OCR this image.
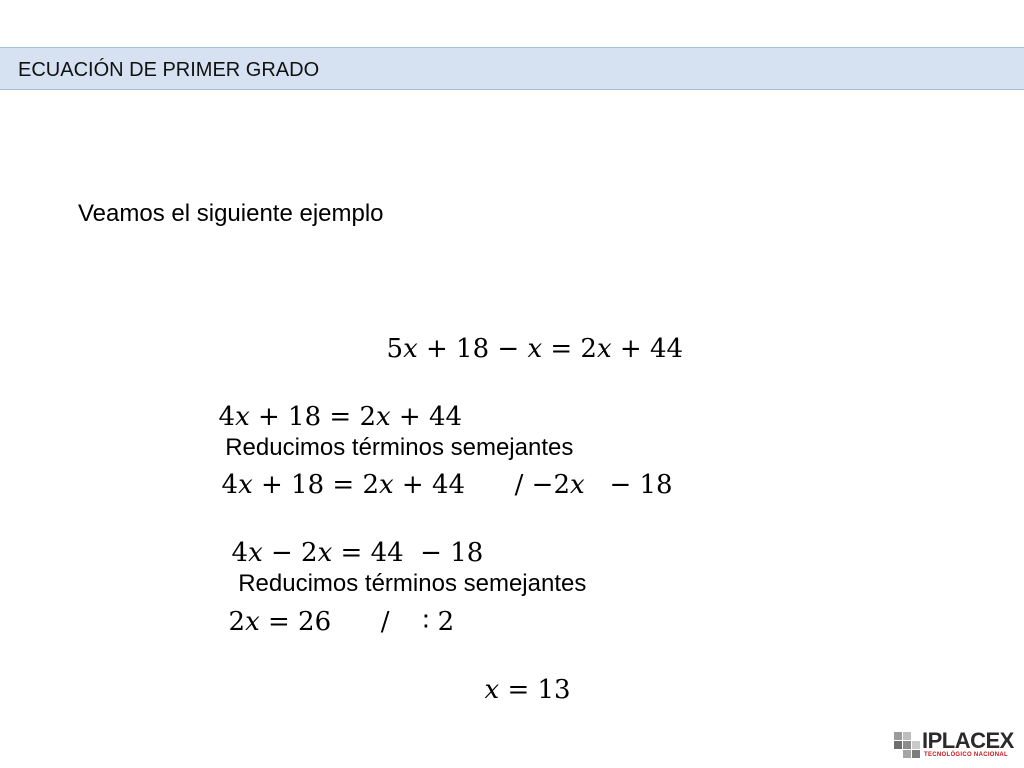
ECUACIÓN DE PRIMER GRADO
Veamos el siguiente ejemplo

5𝑥 + 18 − 𝑥 = 2𝑥 + 44

4𝑥 + 18 = 2𝑥 + 44
Reducimos términos semejantes

4𝑥 + 18 = 2𝑥 + 44      / −2𝑥   − 18

4𝑥 − 2𝑥 = 44  − 18
Reducimos términos semejantes

2𝑥 = 26      /    ∶ 2

𝑥 = 13

IPLACEX
TECNOLÓGICO NACIONAL
